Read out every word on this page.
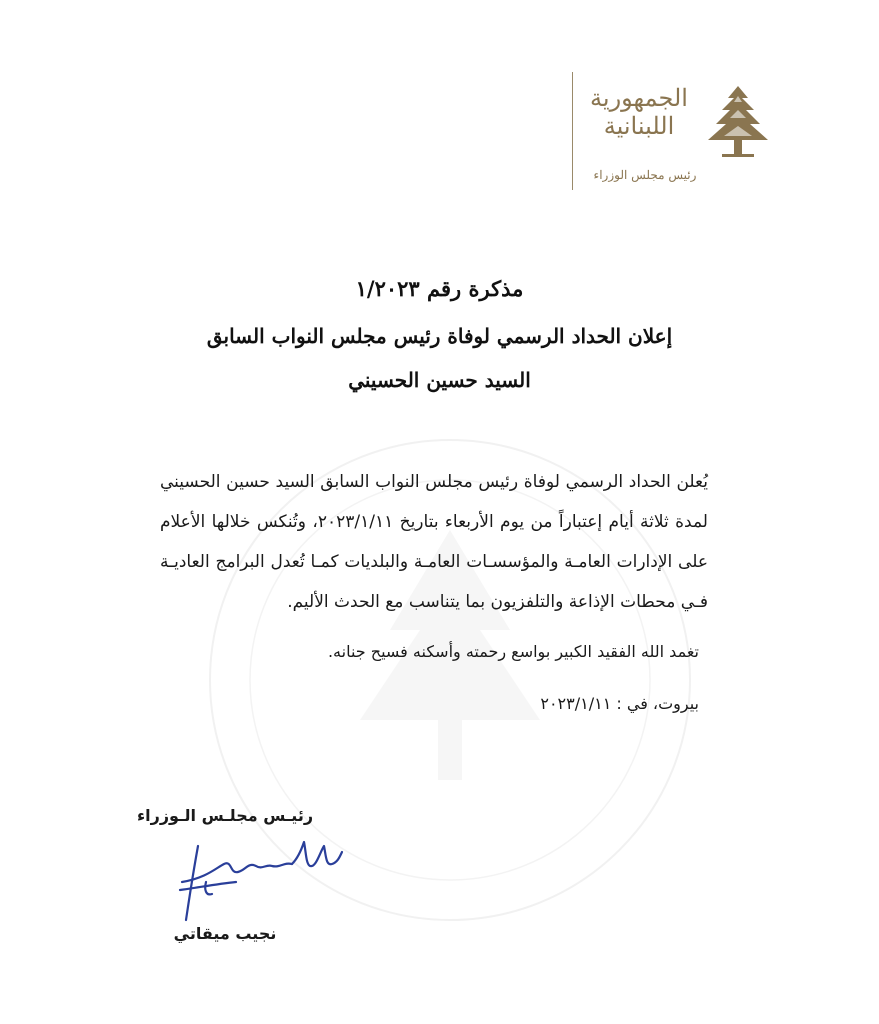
الجمهورية اللبنانية
رئيس مجلس الوزراء
مذكرة رقم ١/٢٠٢٣
إعلان الحداد الرسمي لوفاة رئيس مجلس النواب السابق
السيد حسين الحسيني
يُعلن الحداد الرسمي لوفاة رئيس مجلس النواب السابق السيد حسين الحسيني لمدة ثلاثة أيام إعتباراً من يوم الأربعاء بتاريخ ٢٠٢٣/١/١١، وتُنكس خلالها الأعلام على الإدارات العامـة والمؤسسـات العامـة والبلديات كمـا تُعدل البرامج العاديـة فـي محطات الإذاعة والتلفزيون بما يتناسب مع الحدث الأليم.
تغمد الله الفقيد الكبير بواسع رحمته وأسكنه فسيح جنانه.
بيروت، في : ٢٠٢٣/١/١١
رئيـس مجلـس الـوزراء
نجيب ميقاتي
